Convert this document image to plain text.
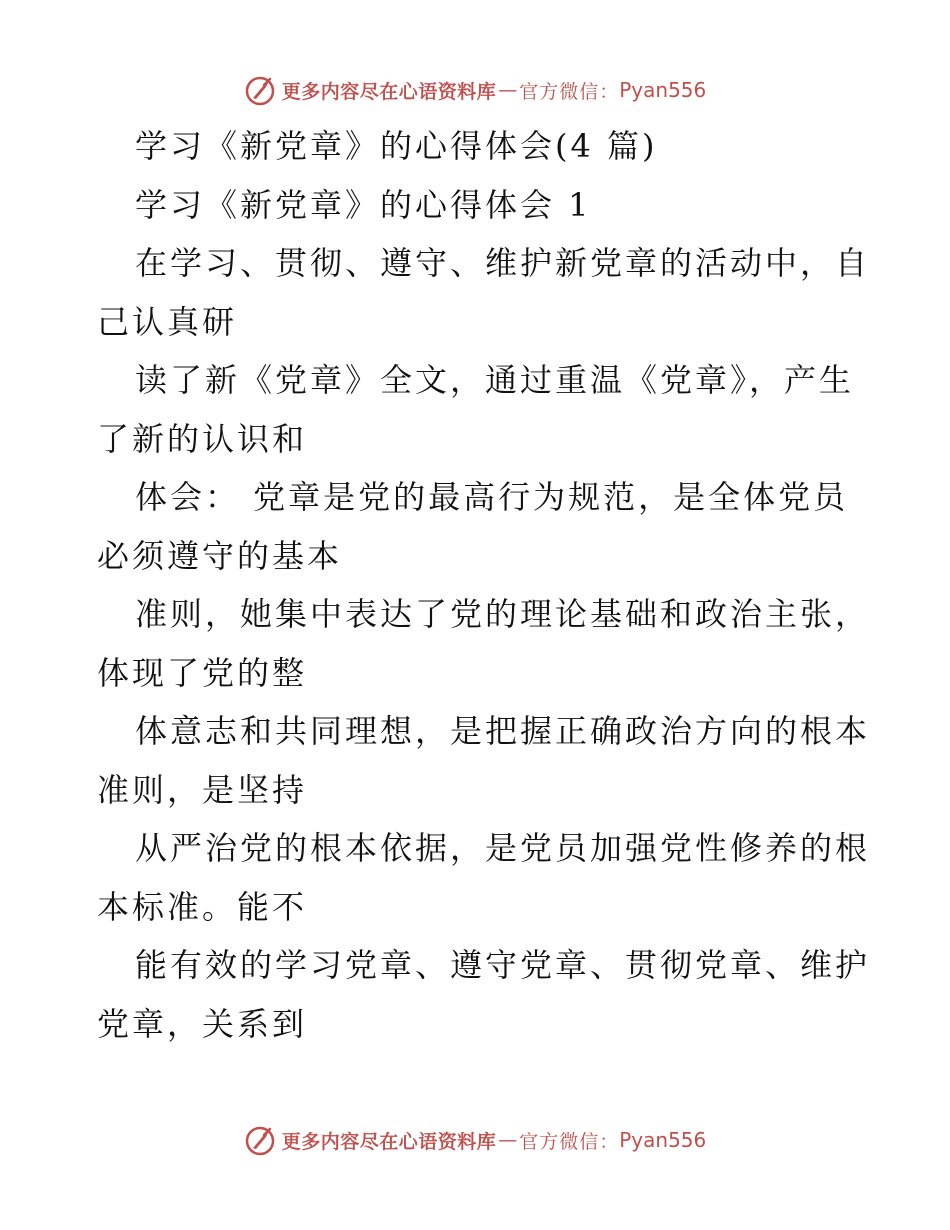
更多内容尽在心语资料库 — 官方微信： Pyan556
学习《新党章》的心得体会(4 篇)
学习《新党章》的心得体会 1
在学习、贯彻、遵守、维护新党章的活动中，自
己认真研
读了新《党章》全文，通过重温《党章》，产生
了新的认识和
体会： 党章是党的最高行为规范，是全体党员
必须遵守的基本
准则，她集中表达了党的理论基础和政治主张，
体现了党的整
体意志和共同理想，是把握正确政治方向的根本
准则，是坚持
从严治党的根本依据，是党员加强党性修养的根
本标准。能不
能有效的学习党章、遵守党章、贯彻党章、维护
党章，关系到
更多内容尽在心语资料库 — 官方微信： Pyan556
